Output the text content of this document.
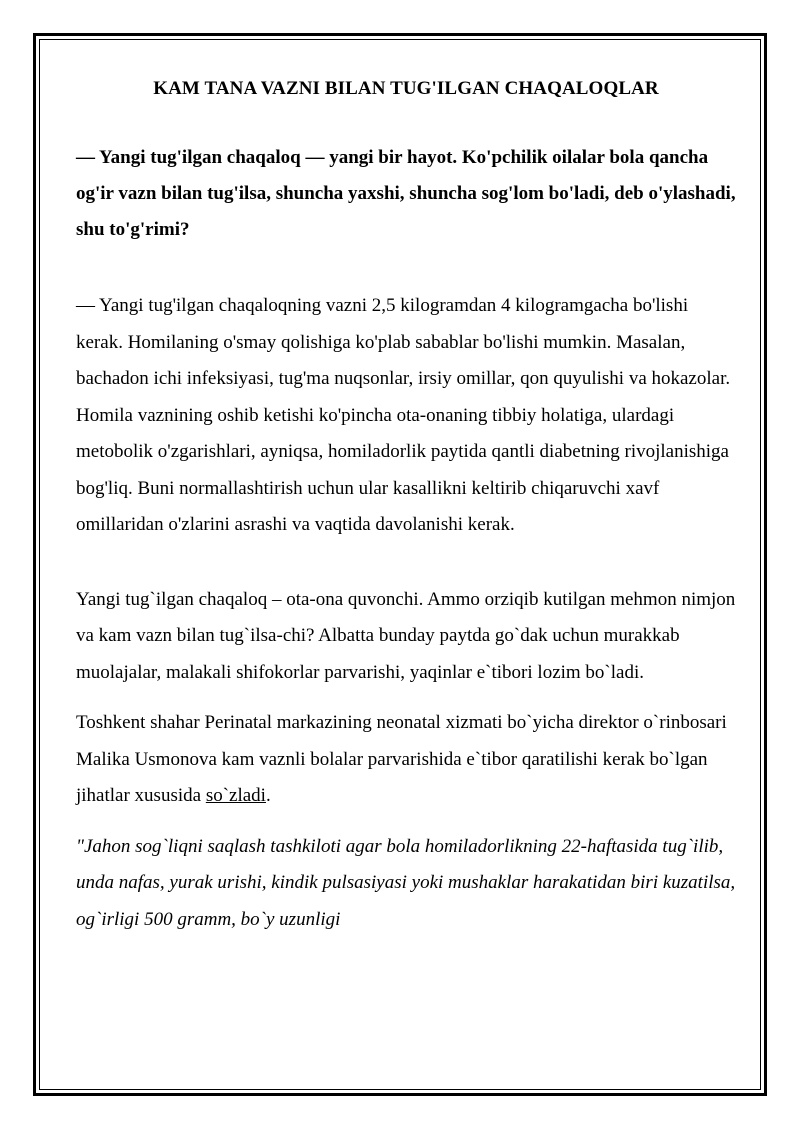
KAM TANA VAZNI BILAN TUG'ILGAN CHAQALOQLAR

— Yangi tug'ilgan chaqaloq — yangi bir hayot. Ko'pchilik oilalar bola qancha og'ir vazn bilan tug'ilsa, shuncha yaxshi, shuncha sog'lom bo'ladi, deb o'ylashadi, shu to'g'rimi?

— Yangi tug'ilgan chaqaloqning vazni 2,5 kilogramdan 4 kilogramgacha bo'lishi kerak. Homilaning o'smay qolishiga ko'plab sabablar bo'lishi mumkin. Masalan, bachadon ichi infeksiyasi, tug'ma nuqsonlar, irsiy omillar, qon quyulishi va hokazolar. Homila vaznining oshib ketishi ko'pincha ota-onaning tibbiy holatiga, ulardagi metobolik o'zgarishlari, ayniqsa, homiladorlik paytida qantli diabetning rivojlanishiga bog'liq. Buni normallashtirish uchun ular kasallikni keltirib chiqaruvchi xavf omillaridan o'zlarini asrashi va vaqtida davolanishi kerak.

Yangi tug`ilgan chaqaloq – ota-ona quvonchi. Ammo orziqib kutilgan mehmon nimjon va kam vazn bilan tug`ilsa-chi? Albatta bunday paytda go`dak uchun murakkab muolajalar, malakali shifokorlar parvarishi, yaqinlar e`tibori lozim bo`ladi.

Toshkent shahar Perinatal markazining neonatal xizmati bo`yicha direktor o`rinbosari Malika Usmonova kam vaznli bolalar parvarishida e`tibor qaratilishi kerak bo`lgan jihatlar xususida so`zladi.

"Jahon sog`liqni saqlash tashkiloti agar bola homiladorlikning 22-haftasida tug`ilib, unda nafas, yurak urishi, kindik pulsasiyasi yoki mushaklar harakatidan biri kuzatilsa, og`irligi 500 gramm, bo`y uzunligi
